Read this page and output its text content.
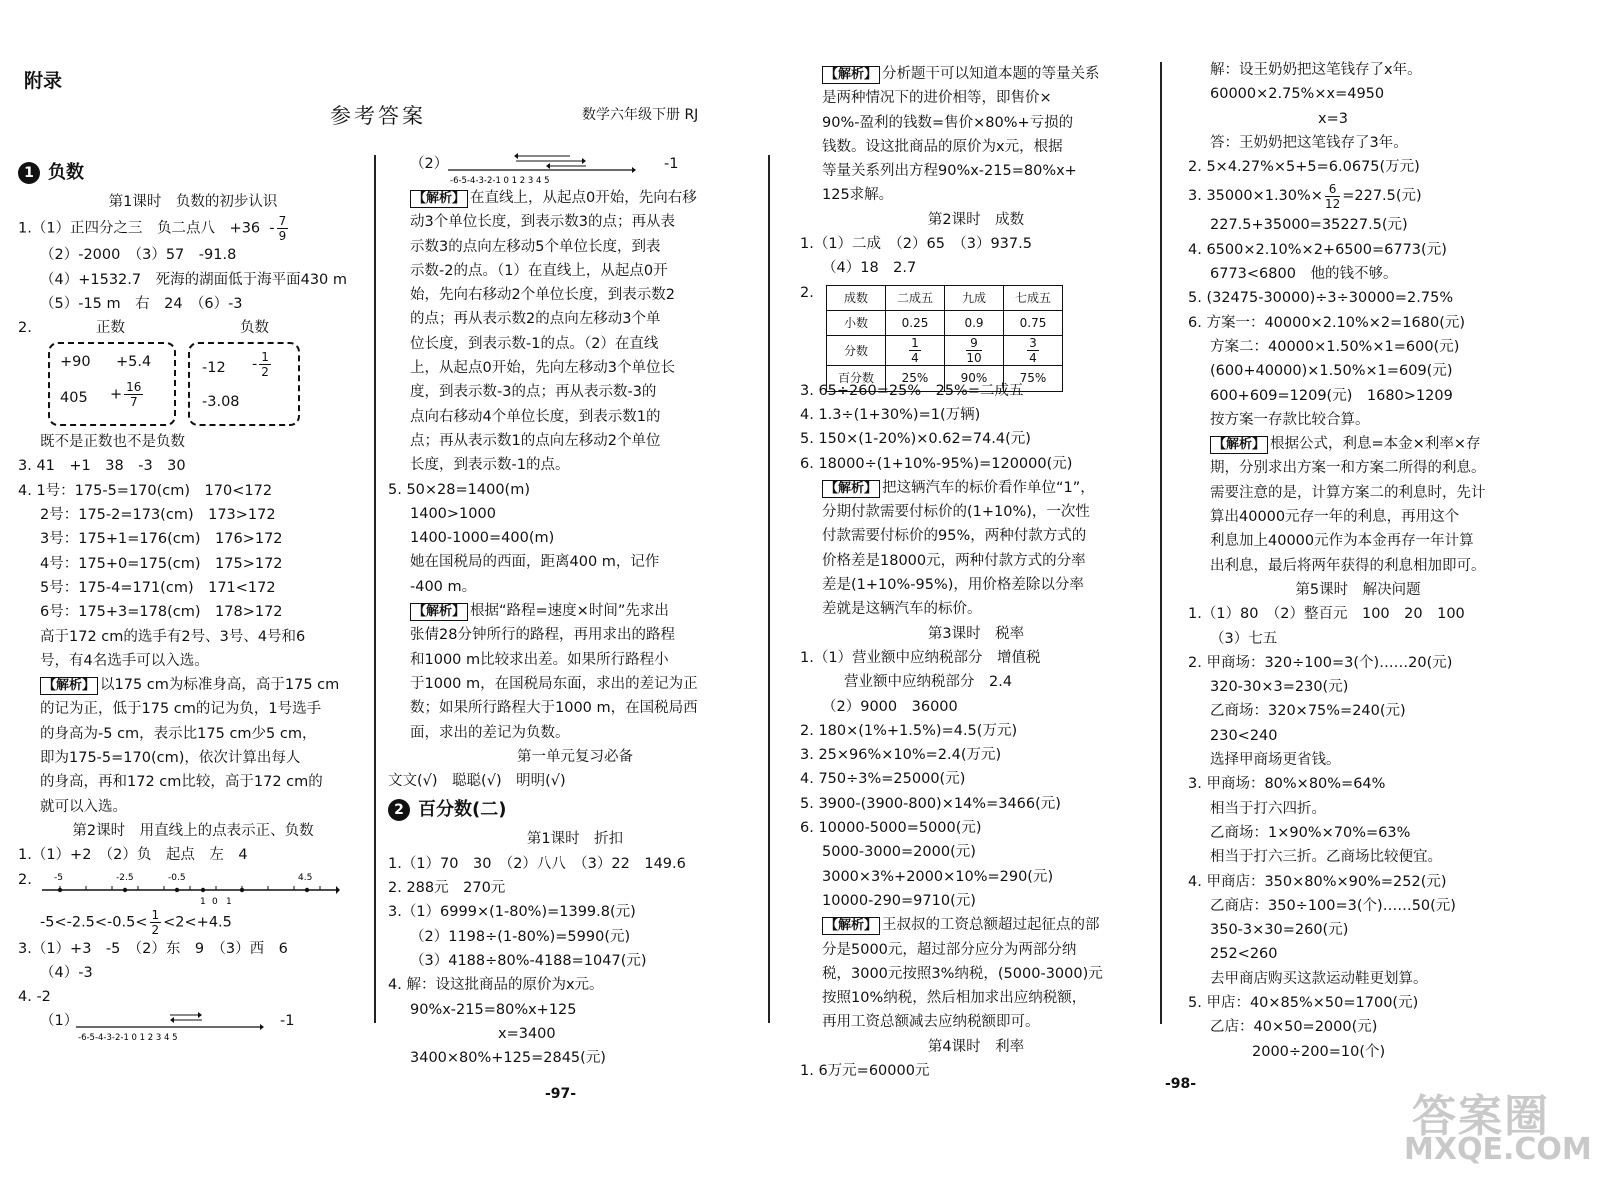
附录
参考答案	数学六年级下册 RJ
1 负数
第1课时　负数的初步认识
1.（1）正四分之三　负二点八　$+36 - \frac{7}{9}$
（2）-2000　（3）57　-91.8
（4）+1532.7　死海的湖面低于海平面430 m
（5）-15 m　右　24　（6）-3
2.	正数	负数
+90 +5.4
$405 + \frac{16}{7}$
$-12 - \frac{1}{2}$
-3.08
既不是正数也不是负数
3. 41　+1　38　-3　30
4. 1号：175-5=170(cm)　170<172
2号：175-2=173(cm)　173>172
3号：175+1=176(cm)　176>172
4号：175+0=175(cm)　175>172
5号：175-4=171(cm)　171<172
6号：175+3=178(cm)　178>172
高于172 cm的选手有2号、3号、4号和6
号，有4名选手可以入选。
【解析】 以175 cm为标准身高，高于175 cm
的记为正，低于175 cm的记为负，1号选手
的身高为-5 cm，表示比175 cm少5 cm，
即为175-5=170(cm)，依次计算出每人
的身高，再和172 cm比较，高于172 cm的
就可以入选。
第2课时　用直线上的点表示正、负数
1.（1）+2　（2）负　起点　左　4
2. -5	-2.5	-0.5
1 0 1
4.5
$-5<-2.5<-0.5< \frac{1}{2} <2<+4.5$
3.（1）+3　-5　（2）东　9　（3）西　6
（4）-3
4. -2
（1）
-6-5-4-3-2-1 0 1 2 3 4 5
-1
（2）
-6-5-4-3-2-1 0 1 2 3 4 5
-1
【解析】 在直线上，从起点0开始，先向右移
动3个单位长度，到表示数3的点；再从表
示数3的点向左移动5个单位长度，到表
示数-2的点。（1）在直线上，从起点0开
始，先向右移动2个单位长度，到表示数2
的点；再从表示数2的点向左移动3个单
位长度，到表示数-1的点。（2）在直线
上，从起点0开始，先向左移动3个单位长
度，到表示数-3的点；再从表示数-3的
点向右移动4个单位长度，到表示数1的
点；再从表示数1的点向左移动2个单位
长度，到表示数-1的点。
5. 50×28=1400(m)
1400>1000
1400-1000=400(m)
她在国税局的西面，距离400 m，记作
-400 m。
【解析】 根据“路程=速度×时间”先求出
张倩28分钟所行的路程，再用求出的路程
和1000 m比较求出差。如果所行路程小
于1000 m，在国税局东面，求出的差记为正
数；如果所行路程大于1000 m，在国税局西
面，求出的差记为负数。
第一单元复习必备
文文(√)　聪聪(√)　明明(√)
2 百分数(二)
第1课时　折扣
1.（1）70　30　（2）八八　（3）22　149.6
2. 288元　270元
3.（1）6999×(1-80%)=1399.8(元)
（2）1198÷(1-80%)=5990(元)
（3）4188÷80%-4188=1047(元)
4. 解：设这批商品的原价为x元。
90%x-215=80%x+125
x=3400
3400×80%+125=2845(元)
【解析】 分析题干可以知道本题的等量关系
是两种情况下的进价相等，即售价×
90%-盈利的钱数=售价×80%+亏损的
钱数。设这批商品的原价为x元，根据
等量关系列出方程90%x-215=80%x+
125求解。
第2课时　成数
1.（1）二成　（2）65　（3）937.5
（4）18　2.7
2.	成数	二成五	九成	七成五
小数	0.25	0.9	0.75
分数	$\frac{1}{4}$	$\frac{9}{10}$	$\frac{3}{4}$

百分数	25%	90%	75%
3. 65÷260=25%　25%=二成五
4. 1.3÷(1+30%)=1(万辆)
5. 150×(1-20%)×0.62=74.4(元)
6. 18000÷(1+10%-95%)=120000(元)
【解析】 把这辆汽车的标价看作单位“1”，
分期付款需要付标价的(1+10%)，一次性
付款需要付标价的95%，两种付款方式的
价格差是18000元，两种付款方式的分率
差是(1+10%-95%)，用价格差除以分率
差就是这辆汽车的标价。
第3课时　税率
1.（1）营业额中应纳税部分　增值税
营业额中应纳税部分　2.4
（2）9000　36000
2. 180×(1%+1.5%)=4.5(万元)
3. 25×96%×10%=2.4(万元)
4. 750÷3%=25000(元)
5. 3900-(3900-800)×14%=3466(元)
6. 10000-5000=5000(元)
5000-3000=2000(元)
3000×3%+2000×10%=290(元)
10000-290=9710(元)
【解析】 王叔叔的工资总额超过起征点的部
分是5000元，超过部分应分为两部分纳
税，3000元按照3%纳税，(5000-3000)元
按照10%纳税，然后相加求出应纳税额，
再用工资总额减去应纳税额即可。
第4课时　利率
1. 6万元=60000元
解：设王奶奶把这笔钱存了x年。
60000×2.75%×x=4950
x=3
答：王奶奶把这笔钱存了3年。
2. 5×4.27%×5+5=6.0675(万元)
3. $35000\times 1.30\%\times \frac{6}{12} =227.5$(元)
227.5+35000=35227.5(元)
4. 6500×2.10%×2+6500=6773(元)
6773<6800　他的钱不够。
5. (32475-30000)÷3÷30000=2.75%
6. 方案一：40000×2.10%×2=1680(元)
方案二：40000×1.50%×1=600(元)
(600+40000)×1.50%×1=609(元)
600+609=1209(元)　1680>1209
按方案一存款比较合算。
【解析】 根据公式，利息=本金×利率×存
期，分别求出方案一和方案二所得的利息。
需要注意的是，计算方案二的利息时，先计
算出40000元存一年的利息，再用这个
利息加上40000元作为本金再存一年计算
出利息，最后将两年获得的利息相加即可。
第5课时　解决问题
1.（1）80　（2）整百元　100　20　100
（3）七五
2. 甲商场：320÷100=3(个)……20(元)
320-30×3=230(元)
乙商场：320×75%=240(元)
230<240
选择甲商场更省钱。
3. 甲商场：80%×80%=64%
相当于打六四折。
乙商场：1×90%×70%=63%
相当于打六三折。乙商场比较便宜。
4. 甲商店：350×80%×90%=252(元)
乙商店：350÷100=3(个)……50(元)
350-3×30=260(元)
252<260
去甲商店购买这款运动鞋更划算。
5. 甲店：40×85%×50=1700(元)
乙店：40×50=2000(元)
2000÷200=10(个)
-97-
-98-
答案圈
MXQE.COM
